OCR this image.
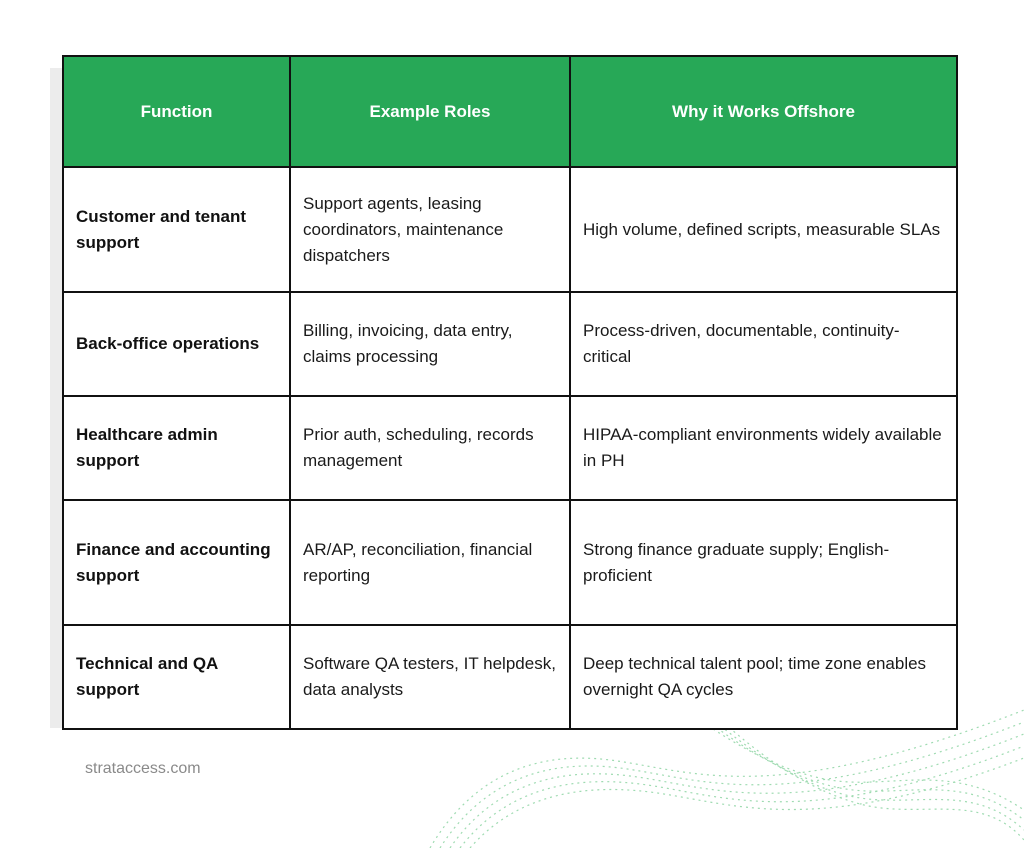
Function	Example Roles	Why it Works Offshore
Customer and tenant support	Support agents, leasing coordinators, maintenance dispatchers	High volume, defined scripts, measurable SLAs
Back-office operations	Billing, invoicing, data entry, claims processing	Process-driven, documentable, continuity-critical
Healthcare admin support	Prior auth, scheduling, records management	HIPAA-compliant environments widely available in PH
Finance and accounting support	AR/AP, reconciliation, financial reporting	Strong finance graduate supply; English-proficient
Technical and QA support	Software QA testers, IT helpdesk, data analysts	Deep technical talent pool; time zone enables overnight QA cycles
strataccess.com
